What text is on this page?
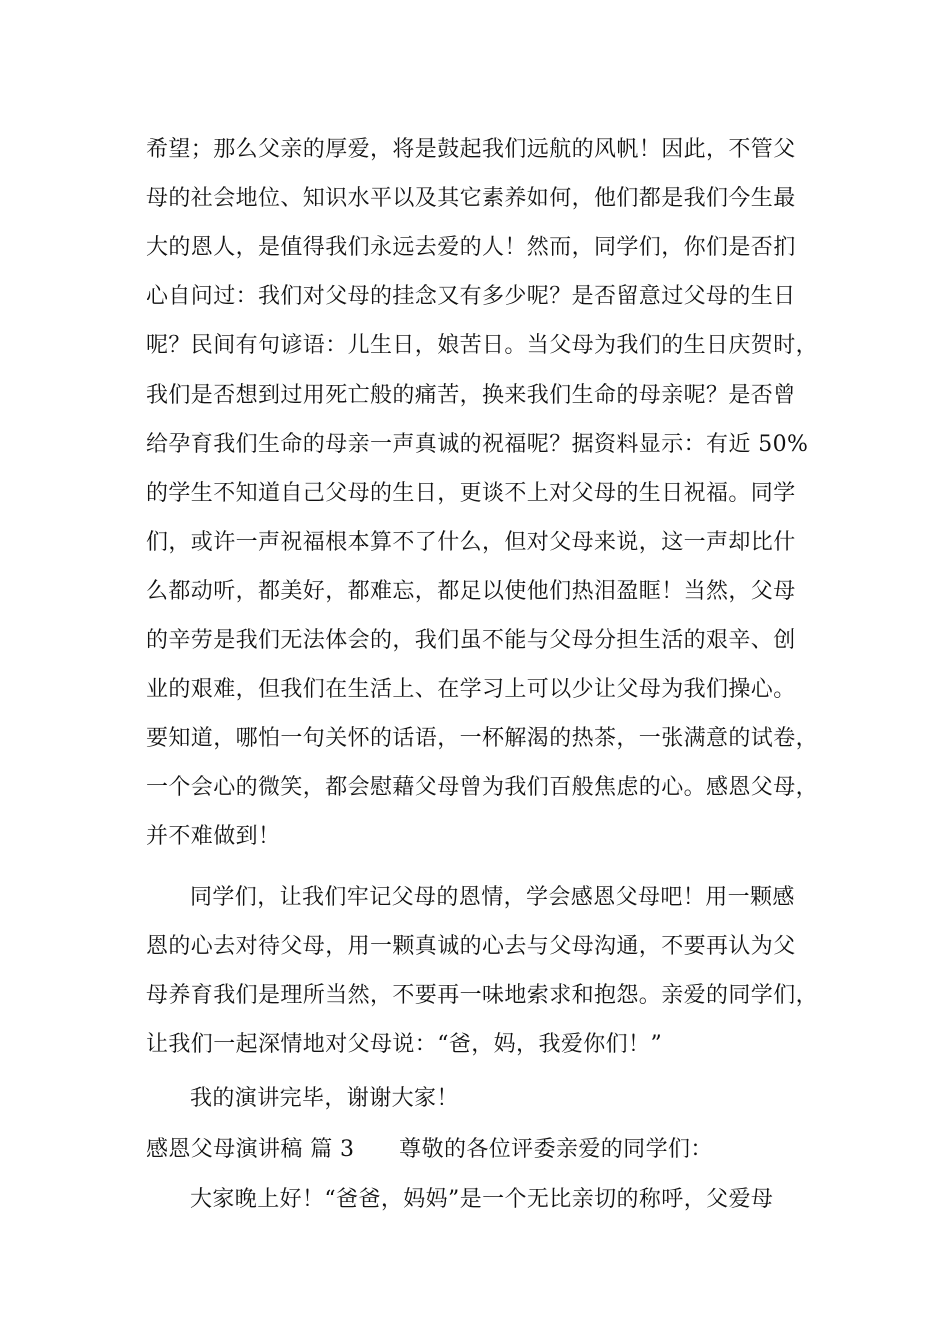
希望；那么父亲的厚爱，将是鼓起我们远航的风帆！因此，不管父
母的社会地位、知识水平以及其它素养如何，他们都是我们今生最
大的恩人，是值得我们永远去爱的人！然而，同学们，你们是否扪
心自问过：我们对父母的挂念又有多少呢？是否留意过父母的生日
呢？民间有句谚语：儿生日，娘苦日。当父母为我们的生日庆贺时，
我们是否想到过用死亡般的痛苦，换来我们生命的母亲呢？是否曾
给孕育我们生命的母亲一声真诚的祝福呢？据资料显示：有近 50%
的学生不知道自己父母的生日，更谈不上对父母的生日祝福。同学
们，或许一声祝福根本算不了什么，但对父母来说，这一声却比什
么都动听，都美好，都难忘，都足以使他们热泪盈眶！当然，父母
的辛劳是我们无法体会的，我们虽不能与父母分担生活的艰辛、创
业的艰难，但我们在生活上、在学习上可以少让父母为我们操心。
要知道，哪怕一句关怀的话语，一杯解渴的热茶，一张满意的试卷，
一个会心的微笑，都会慰藉父母曾为我们百般焦虑的心。感恩父母，
并不难做到！
同学们，让我们牢记父母的恩情，学会感恩父母吧！用一颗感
恩的心去对待父母，用一颗真诚的心去与父母沟通，不要再认为父
母养育我们是理所当然，不要再一味地索求和抱怨。亲爱的同学们，
让我们一起深情地对父母说：“爸，妈，我爱你们！”
我的演讲完毕，谢谢大家！
感恩父母演讲稿 篇 3　　尊敬的各位评委亲爱的同学们：
大家晚上好！“爸爸，妈妈”是一个无比亲切的称呼，父爱母
